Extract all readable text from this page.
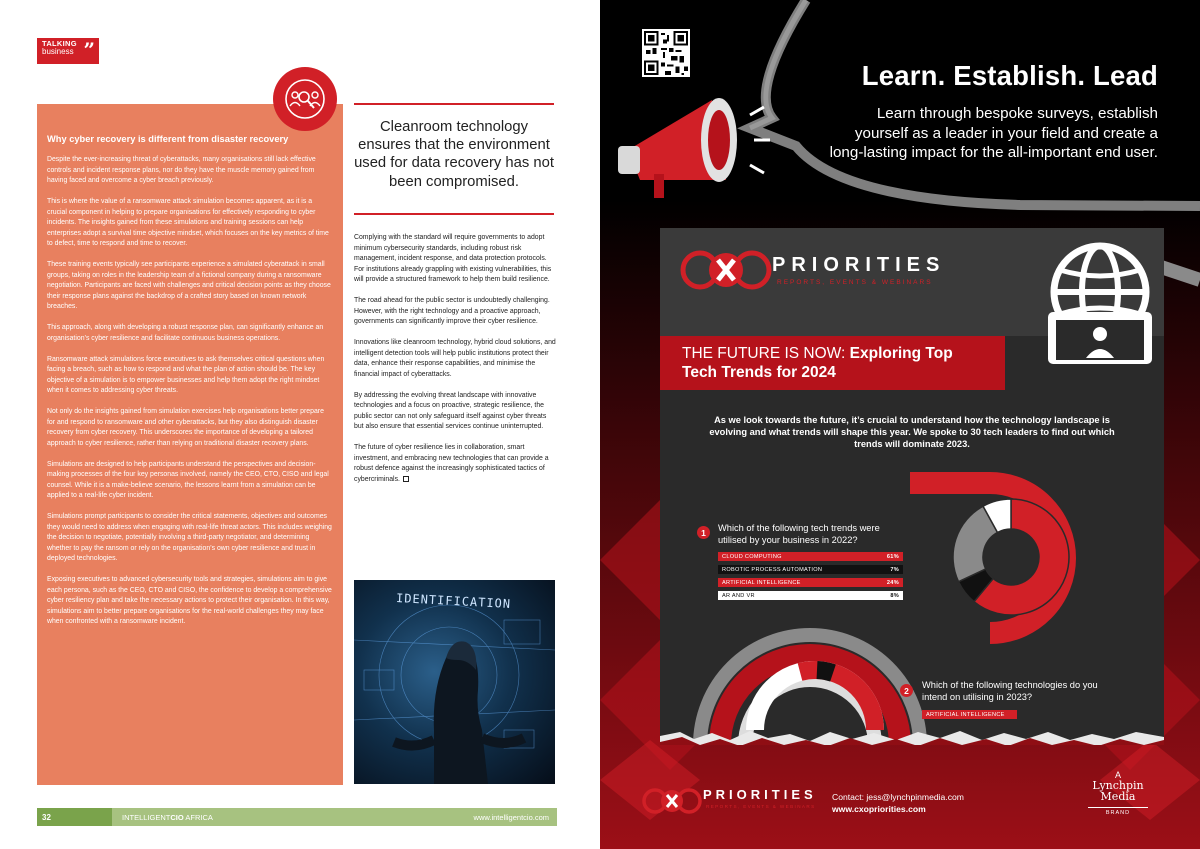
TALKING
business ”
Why cyber recovery is different from disaster recovery

Despite the ever-increasing threat of cyberattacks, many organisations still lack effective controls and incident response plans, nor do they have the muscle memory gained from having faced and overcome a cyber breach previously.

This is where the value of a ransomware attack simulation becomes apparent, as it is a crucial component in helping to prepare organisations for effectively responding to cyber incidents. The insights gained from these simulations and training sessions can help enterprises adopt a survival time objective mindset, which focuses on the key metrics of time to defect, time to respond and time to recover.

These training events typically see participants experience a simulated cyberattack in small groups, taking on roles in the leadership team of a fictional company during a ransomware negotiation. Participants are faced with challenges and critical decision points as they choose their response plans against the backdrop of a crafted story based on known network breaches.

This approach, along with developing a robust response plan, can significantly enhance an organisation’s cyber resilience and facilitate continuous business operations.

Ransomware attack simulations force executives to ask themselves critical questions when facing a breach, such as how to respond and what the plan of action should be. The key objective of a simulation is to empower businesses and help them adopt the right mindset when it comes to addressing cyber threats.

Not only do the insights gained from simulation exercises help organisations better prepare for and respond to ransomware and other cyberattacks, but they also distinguish disaster recovery from cyber recovery. This underscores the importance of developing a tailored approach to cyber resilience, rather than relying on traditional disaster recovery plans.

Simulations are designed to help participants understand the perspectives and decision-making processes of the four key personas involved, namely the CEO, CTO, CISO and legal counsel. While it is a make-believe scenario, the lessons learnt from a simulation can be applied to a real-life cyber incident.

Simulations prompt participants to consider the critical statements, objectives and outcomes they would need to address when engaging with real-life threat actors. This includes weighing the decision to negotiate, potentially involving a third-party negotiator, and determining whether to pay the ransom or rely on the organisation’s own cyber resilience and trust in deployed technologies.

Exposing executives to advanced cybersecurity tools and strategies, simulations aim to give each persona, such as the CEO, CTO and CISO, the confidence to develop a comprehensive cyber resiliency plan and take the necessary actions to protect their organisation. In this way, simulations aim to better prepare organisations for the real-world challenges they may face when confronted with a ransomware incident.

Cleanroom technology ensures that the environment used for data recovery has not been compromised.

Complying with the standard will require governments to adopt minimum cybersecurity standards, including robust risk management, incident response, and data protection protocols. For institutions already grappling with existing vulnerabilities, this will provide a structured framework to help them build resilience.

The road ahead for the public sector is undoubtedly challenging. However, with the right technology and a proactive approach, governments can significantly improve their cyber resilience.

Innovations like cleanroom technology, hybrid cloud solutions, and intelligent detection tools will help public institutions protect their data, enhance their response capabilities, and minimise the financial impact of cyberattacks.

By addressing the evolving threat landscape with innovative technologies and a focus on proactive, strategic resilience, the public sector can not only safeguard itself against cyber threats but also ensure that essential services continue uninterrupted.

The future of cyber resilience lies in collaboration, smart investment, and embracing new technologies that can provide a robust defence against the increasingly sophisticated tactics of cybercriminals.

IDENTIFICATION
32	INTELLIGENTCIO AFRICA	www.intelligentcio.com
Learn. Establish. Lead
Learn through bespoke surveys, establish yourself as a leader in your field and create a long-lasting impact for the all-important end user.
PRIORITIES
REPORTS, EVENTS & WEBINARS
THE FUTURE IS NOW: Exploring Top
Tech Trends for 2024
As we look towards the future, it’s crucial to understand how the technology landscape is evolving and what trends will shape this year. We spoke to 30 tech leaders to find out which trends will dominate 2023.
1	Which of the following tech trends were utilised by your business in 2022?
CLOUD COMPUTING	61%
ROBOTIC PROCESS AUTOMATION	7%
ARTIFICIAL INTELLIGENCE	24%
AR AND VR	8%
2
Which of the following technologies do you intend on utilising in 2023?
ARTIFICIAL INTELLIGENCE
PRIORITIES
REPORTS, EVENTS & WEBINARS
Contact: jess@lynchpinmedia.com
www.cxopriorities.com
A
Lynchpin
Media
BRAND
